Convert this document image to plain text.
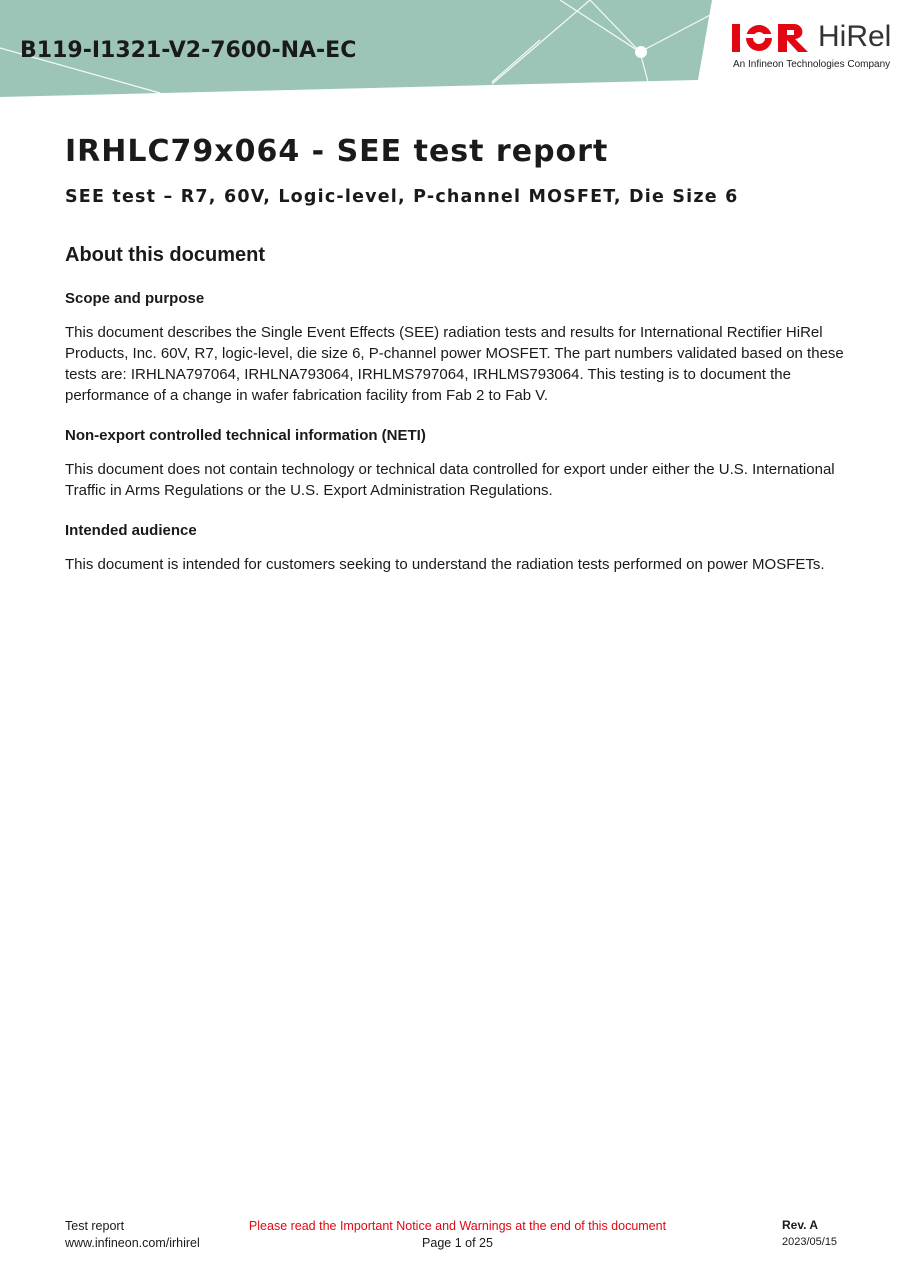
B119-I1321-V2-7600-NA-EC	HiRel
An Infineon Technologies Company
IRHLC79x064 - SEE test report
SEE test – R7, 60V, Logic-level, P-channel MOSFET, Die Size 6
About this document
Scope and purpose

This document describes the Single Event Effects (SEE) radiation tests and results for International Rectifier HiRel Products, Inc. 60V, R7, logic-level, die size 6, P-channel power MOSFET. The part numbers validated based on these tests are: IRHLNA797064, IRHLNA793064, IRHLMS797064, IRHLMS793064. This testing is to document the performance of a change in wafer fabrication facility from Fab 2 to Fab V.

Non-export controlled technical information (NETI)

This document does not contain technology or technical data controlled for export under either the U.S. International Traffic in Arms Regulations or the U.S. Export Administration Regulations.

Intended audience

This document is intended for customers seeking to understand the radiation tests performed on power MOSFETs.

Test report
www.infineon.com/irhirel
Please read the Important Notice and Warnings at the end of this document
Page 1 of 25
Rev. A
2023/05/15
